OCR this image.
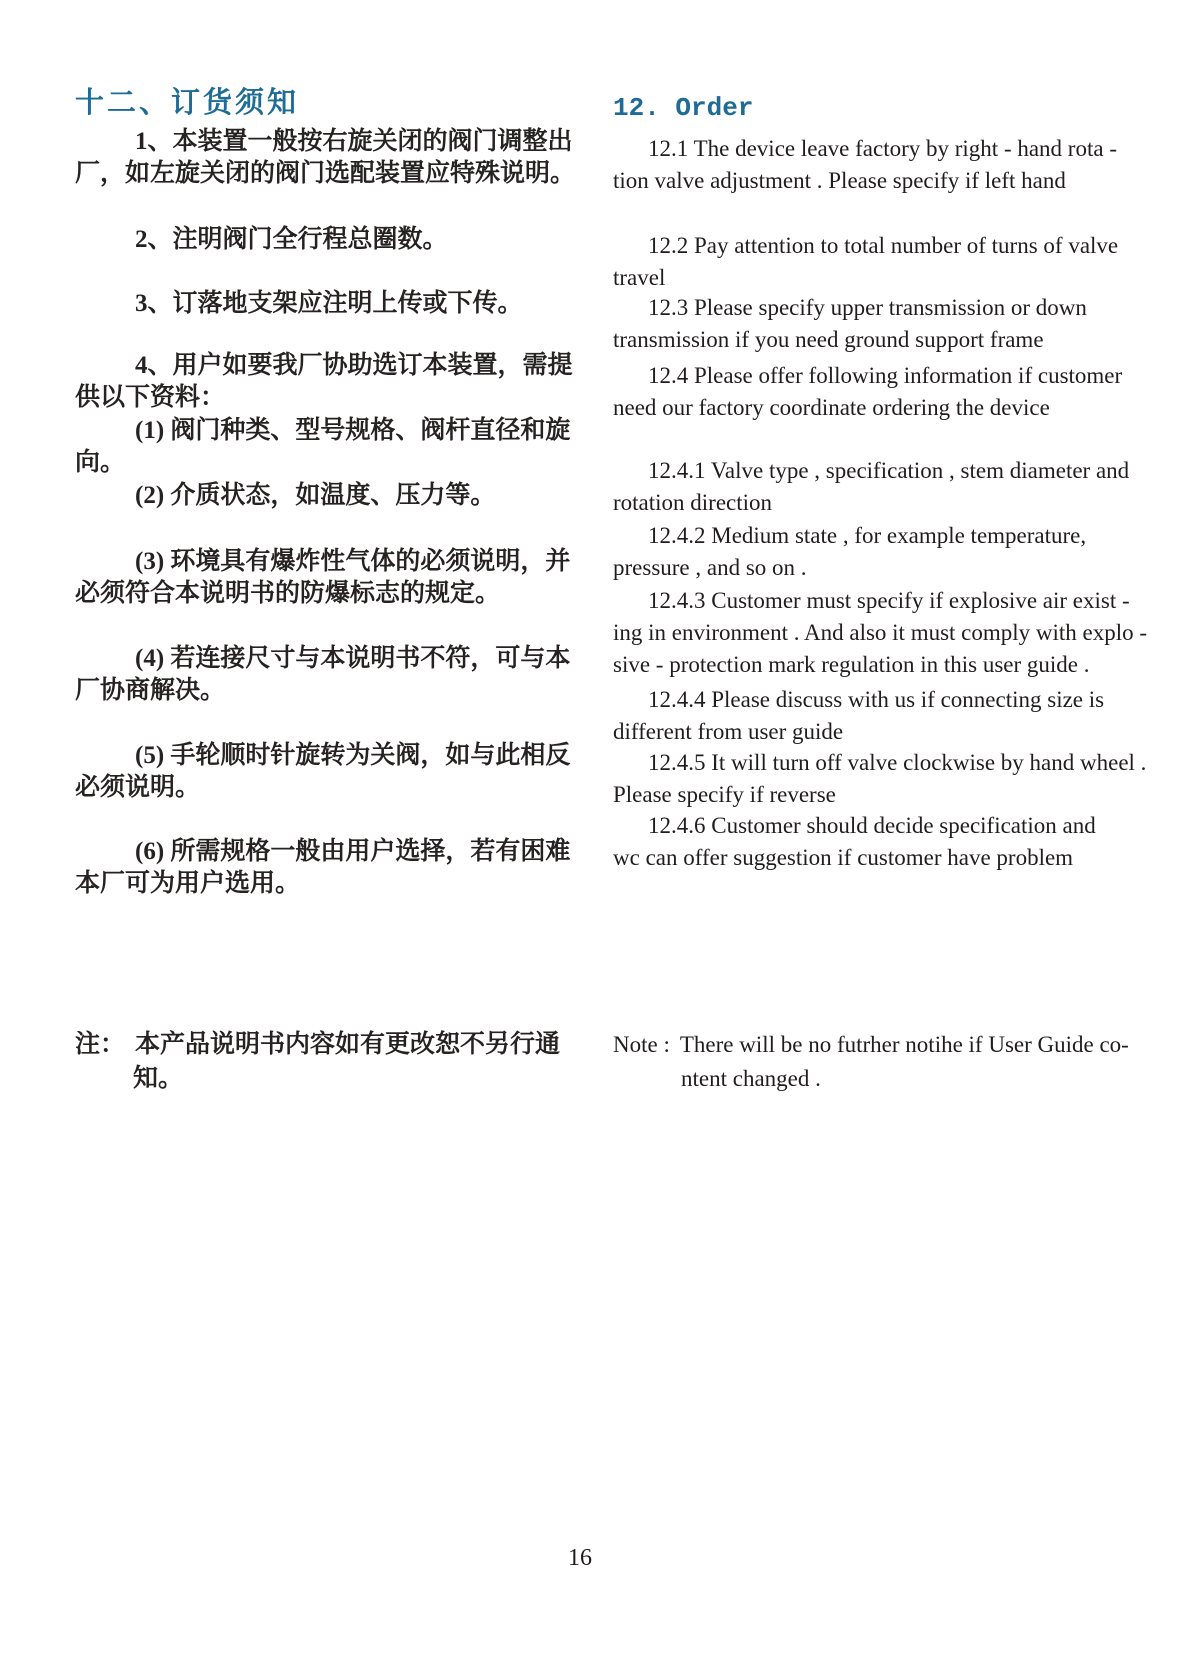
十二、订货须知
1、本装置一般按右旋关闭的阀门调整出
厂，如左旋关闭的阀门选配装置应特殊说明。
2、注明阀门全行程总圈数。
3、订落地支架应注明上传或下传。
4、用户如要我厂协助选订本装置，需提
供以下资料：
(1) 阀门种类、型号规格、阀杆直径和旋
向。
(2) 介质状态，如温度、压力等。
(3) 环境具有爆炸性气体的必须说明，并
必须符合本说明书的防爆标志的规定。
(4) 若连接尺寸与本说明书不符，可与本
厂协商解决。
(5) 手轮顺时针旋转为关阀，如与此相反
必须说明。
(6) 所需规格一般由用户选择，若有困难
本厂可为用户选用。
注： 本产品说明书内容如有更改恕不另行通
知。
12. Order
12.1 The device leave factory by right - hand rota -
tion valve adjustment . Please specify if left hand
12.2 Pay attention to total number of turns of valve
travel
12.3 Please specify upper transmission or down
transmission if you need ground support frame
12.4 Please offer following information if customer
need our factory coordinate ordering the device
12.4.1 Valve type , specification , stem diameter and
rotation direction
12.4.2 Medium state , for example temperature,
pressure , and so on .
12.4.3 Customer must specify if explosive air exist -
ing in environment . And also it must comply with explo -
sive - protection mark regulation in this user guide .
12.4.4 Please discuss with us if connecting size is
different from user guide
12.4.5 It will turn off valve clockwise by hand wheel .
Please specify if reverse
12.4.6 Customer should decide specification and
wc can offer suggestion if customer have problem
Note : There will be no futrher notihe if User Guide co-
ntent changed .
16
